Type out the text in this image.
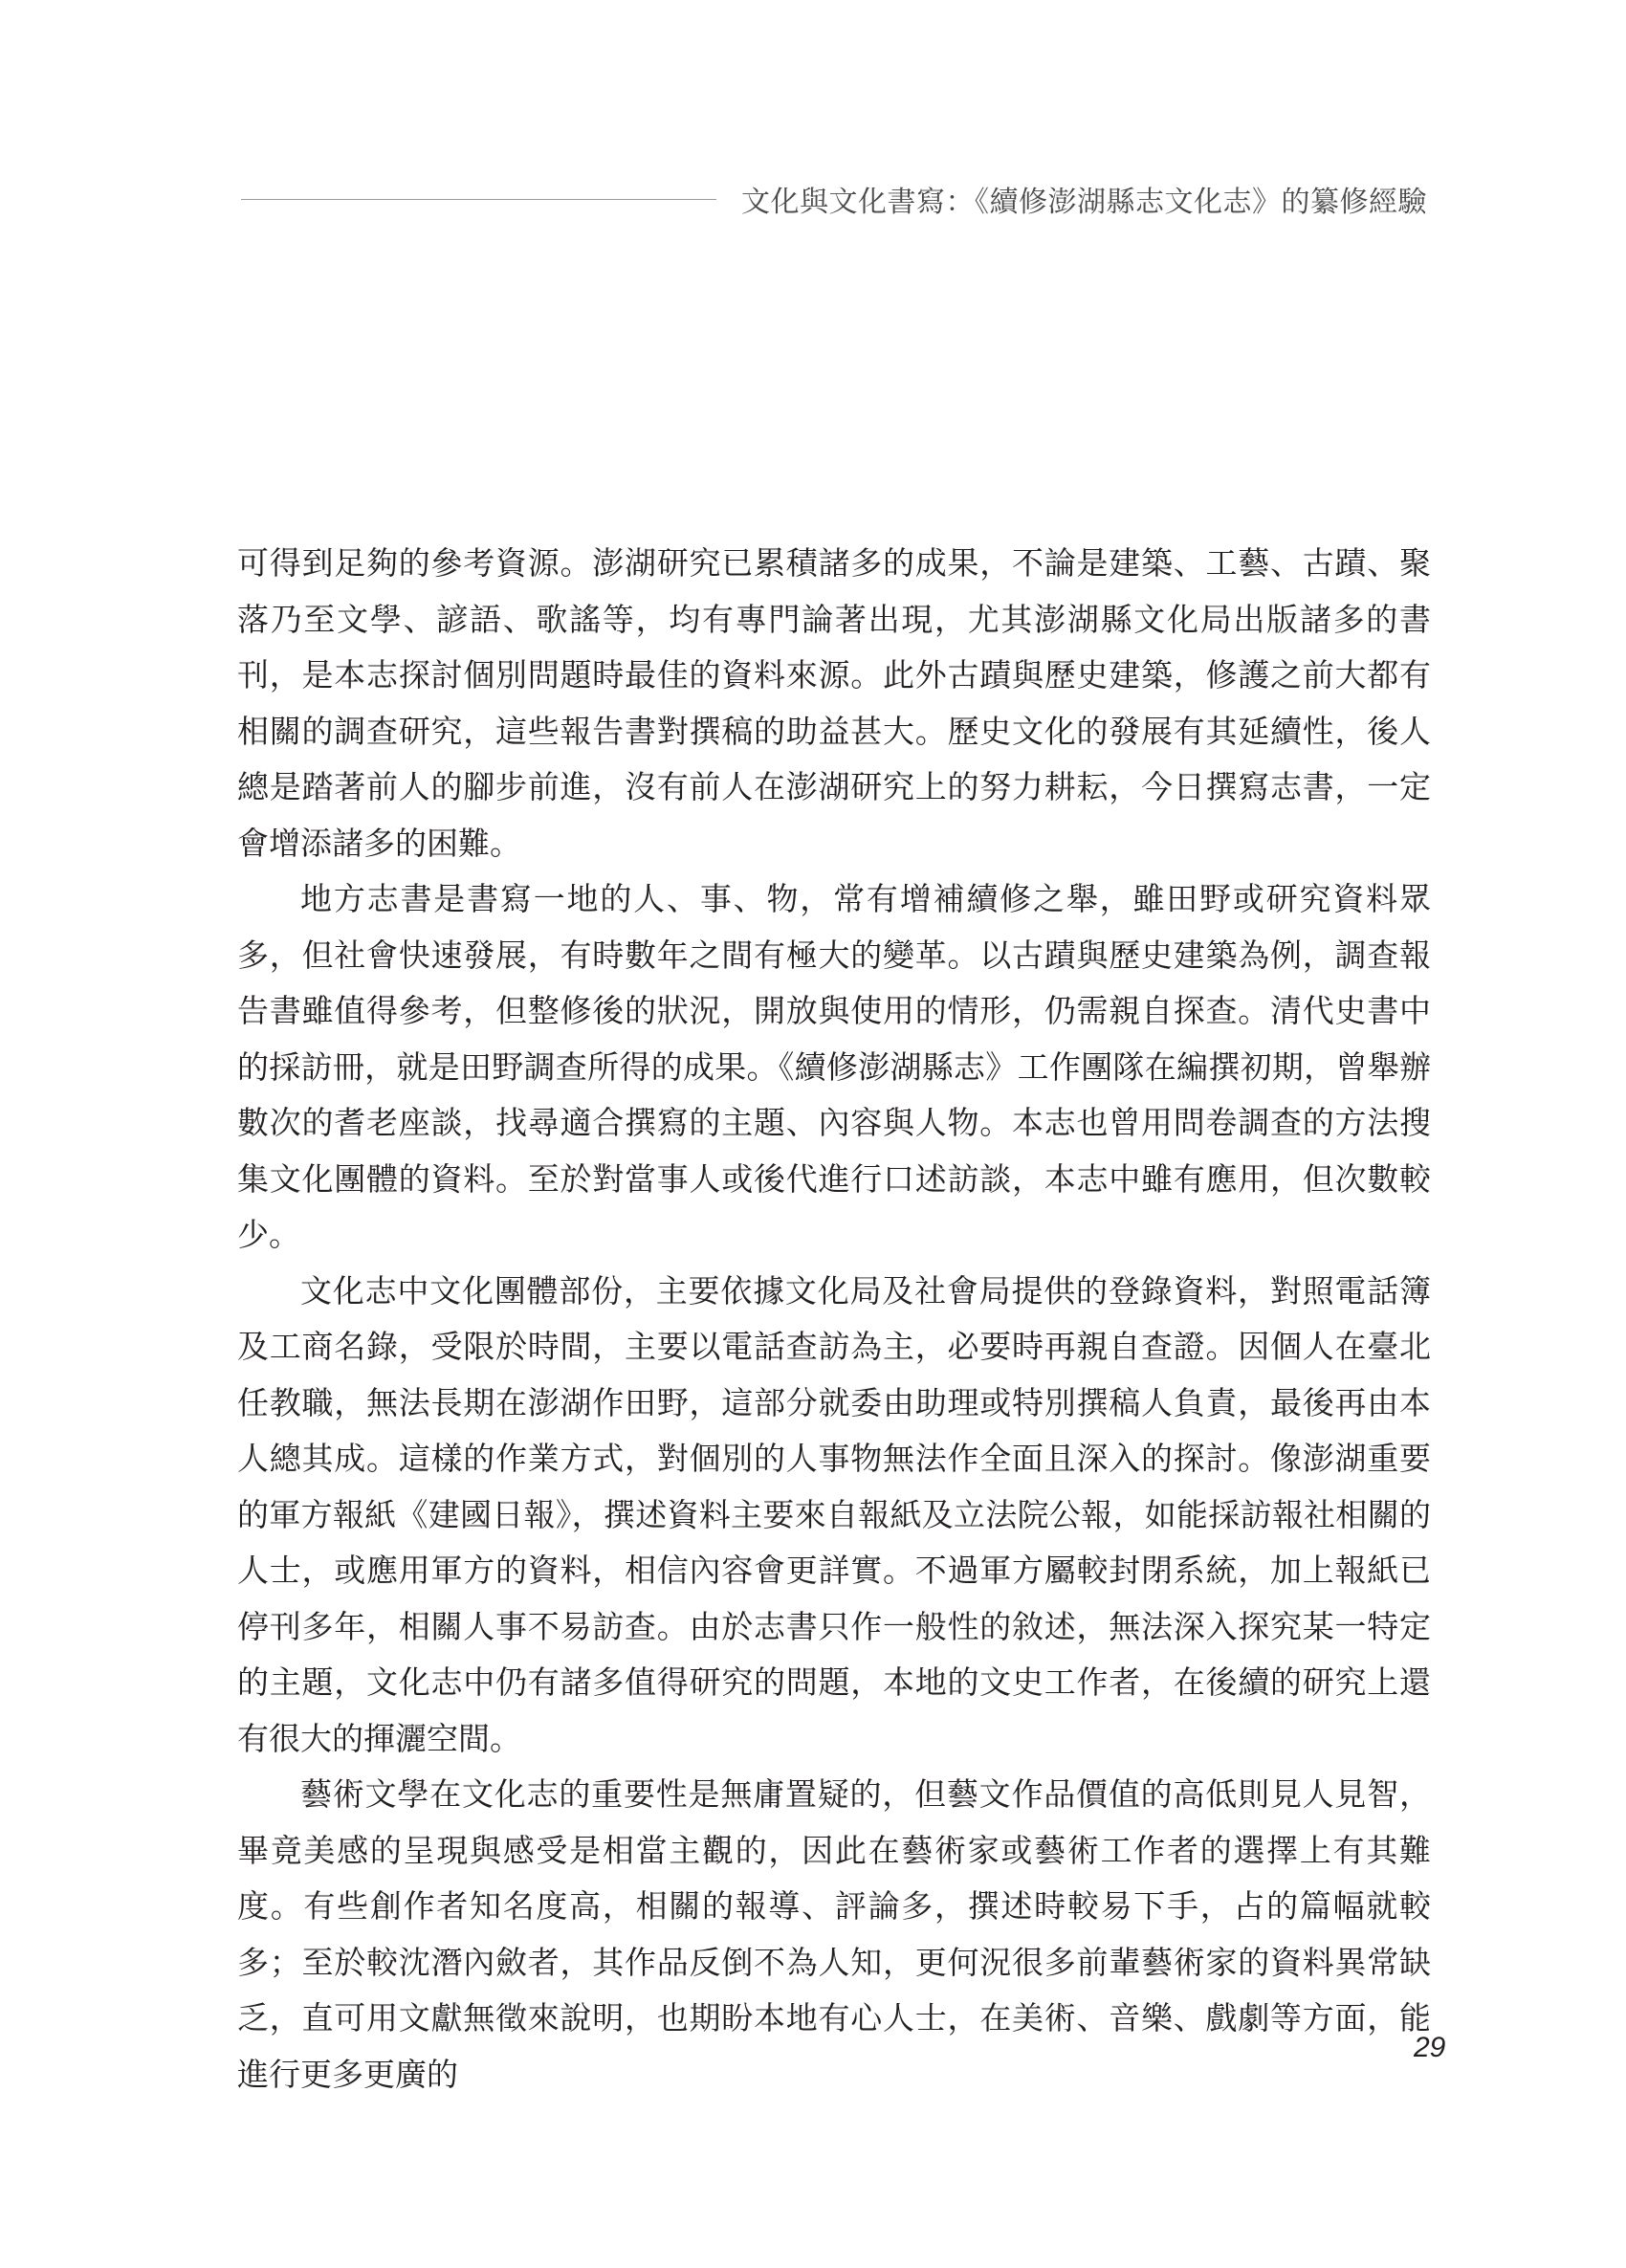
文化與文化書寫：《續修澎湖縣志文化志》的纂修經驗

可得到足夠的參考資源。澎湖研究已累積諸多的成果，不論是建築、工藝、古蹟、聚落乃至文學、諺語、歌謠等，均有專門論著出現，尤其澎湖縣文化局出版諸多的書刊，是本志探討個別問題時最佳的資料來源。此外古蹟與歷史建築，修護之前大都有相關的調查研究，這些報告書對撰稿的助益甚大。歷史文化的發展有其延續性，後人總是踏著前人的腳步前進，沒有前人在澎湖研究上的努力耕耘，今日撰寫志書，一定會增添諸多的困難。

地方志書是書寫一地的人、事、物，常有增補續修之舉，雖田野或研究資料眾多，但社會快速發展，有時數年之間有極大的變革。以古蹟與歷史建築為例，調查報告書雖值得參考，但整修後的狀況，開放與使用的情形，仍需親自探查。清代史書中的採訪冊，就是田野調查所得的成果。《續修澎湖縣志》工作團隊在編撰初期，曾舉辦數次的耆老座談，找尋適合撰寫的主題、內容與人物。本志也曾用問卷調查的方法搜集文化團體的資料。至於對當事人或後代進行口述訪談，本志中雖有應用，但次數較少。

文化志中文化團體部份，主要依據文化局及社會局提供的登錄資料，對照電話簿及工商名錄，受限於時間，主要以電話查訪為主，必要時再親自查證。因個人在臺北任教職，無法長期在澎湖作田野，這部分就委由助理或特別撰稿人負責，最後再由本人總其成。這樣的作業方式，對個別的人事物無法作全面且深入的探討。像澎湖重要的軍方報紙《建國日報》，撰述資料主要來自報紙及立法院公報，如能採訪報社相關的人士，或應用軍方的資料，相信內容會更詳實。不過軍方屬較封閉系統，加上報紙已停刊多年，相關人事不易訪查。由於志書只作一般性的敘述，無法深入探究某一特定的主題，文化志中仍有諸多值得研究的問題，本地的文史工作者，在後續的研究上還有很大的揮灑空間。

藝術文學在文化志的重要性是無庸置疑的，但藝文作品價值的高低則見人見智，畢竟美感的呈現與感受是相當主觀的，因此在藝術家或藝術工作者的選擇上有其難度。有些創作者知名度高，相關的報導、評論多，撰述時較易下手，占的篇幅就較多；至於較沈潛內斂者，其作品反倒不為人知，更何況很多前輩藝術家的資料異常缺乏，直可用文獻無徵來說明，也期盼本地有心人士，在美術、音樂、戲劇等方面，能進行更多更廣的

29
